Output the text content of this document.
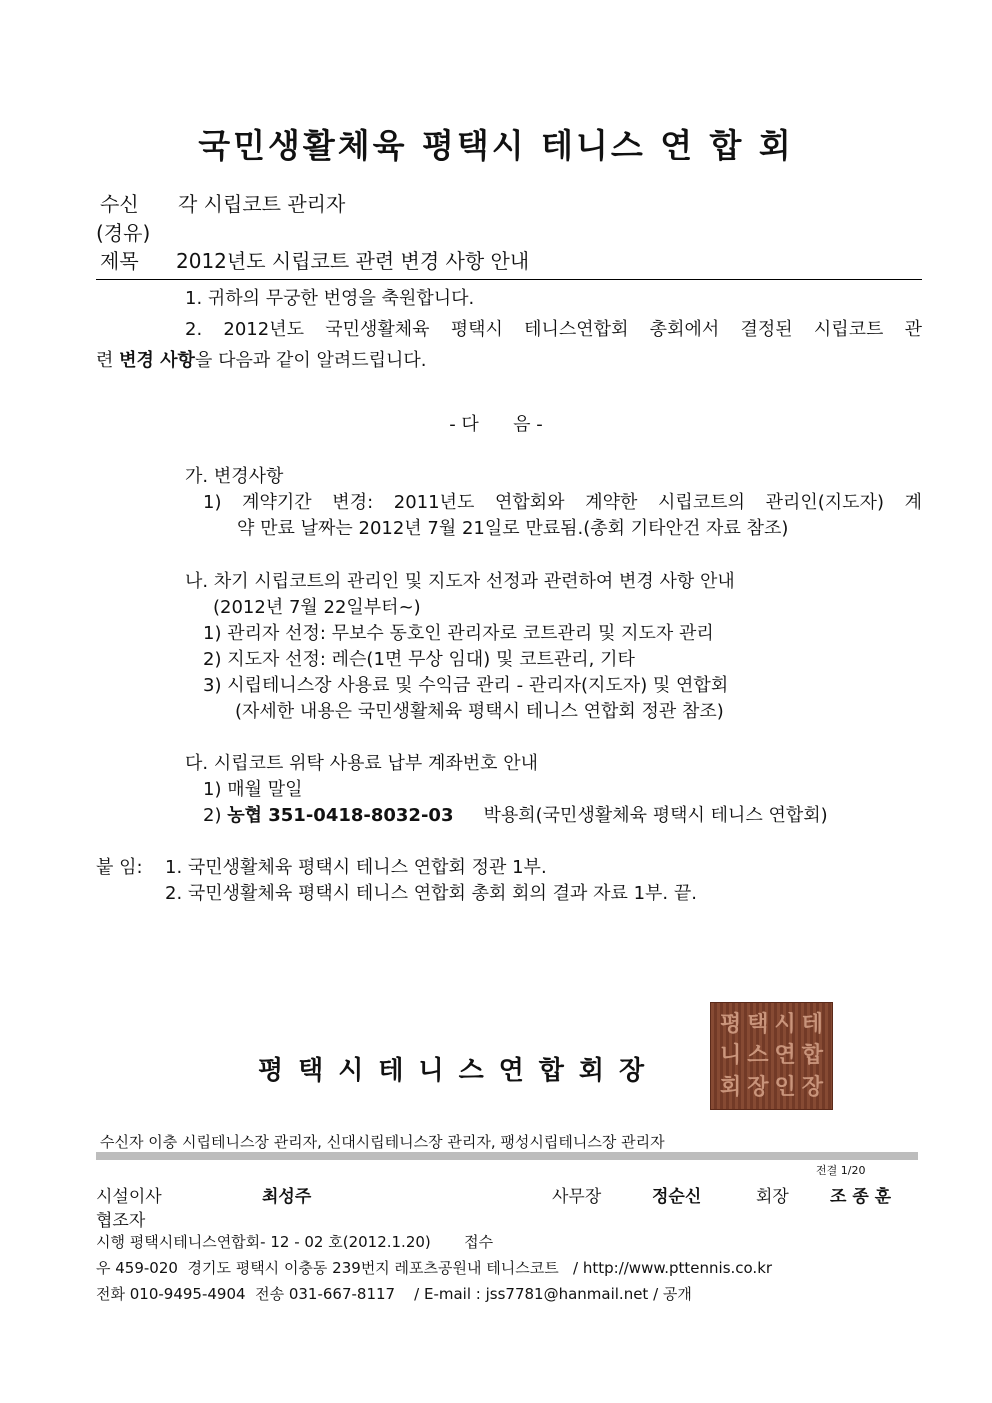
국민생활체육 평택시 테니스 연 합 회
수신 각 시립코트 관리자
(경유)
제목 2012년도 시립코트 관련 변경 사항 안내
1. 귀하의 무궁한 번영을 축원합니다.
2. 2012년도 국민생활체육 평택시 테니스연합회 총회에서 결정된 시립코트 관
련 변경 사항을 다음과 같이 알려드립니다.
- 다      음 -
가. 변경사항
1) 계약기간 변경: 2011년도 연합회와 계약한 시립코트의 관리인(지도자) 계
약 만료 날짜는 2012년 7월 21일로 만료됨.(총회 기타안건 자료 참조)
나. 차기 시립코트의 관리인 및 지도자 선정과 관련하여 변경 사항 안내
(2012년 7월 22일부터~)
1) 관리자 선정: 무보수 동호인 관리자로 코트관리 및 지도자 관리
2) 지도자 선정: 레슨(1면 무상 임대) 및 코트관리, 기타
3) 시립테니스장 사용료 및 수익금 관리 - 관리자(지도자) 및 연합회
(자세한 내용은 국민생활체육 평택시 테니스 연합회 정관 참조)
다. 시립코트 위탁 사용료 납부 계좌번호 안내
1) 매월 말일
2) 농협 351-0418-8032-03 박용희(국민생활체육 평택시 테니스 연합회)
붙 임: 1. 국민생활체육 평택시 테니스 연합회 정관 1부.
2. 국민생활체육 평택시 테니스 연합회 총회 회의 결과 자료 1부. 끝.
평택시테니스연합회장
평 택 시 테
니 스 연 합
회 장 인 장
수신자 이충 시립테니스장 관리자, 신대시립테니스장 관리자, 팽성시립테니스장 관리자
전결 1/20
시설이사	최성주	사무장	정순신	회장 조 종 훈
협조자
시행 평택시테니스연합회- 12 - 02 호(2012.1.20)       접수
우 459-020  경기도 평택시 이충동 239번지 레포츠공원내 테니스코트   / http://www.pttennis.co.kr
전화 010-9495-4904  전송 031-667-8117    / E-mail : jss7781@hanmail.net / 공개
